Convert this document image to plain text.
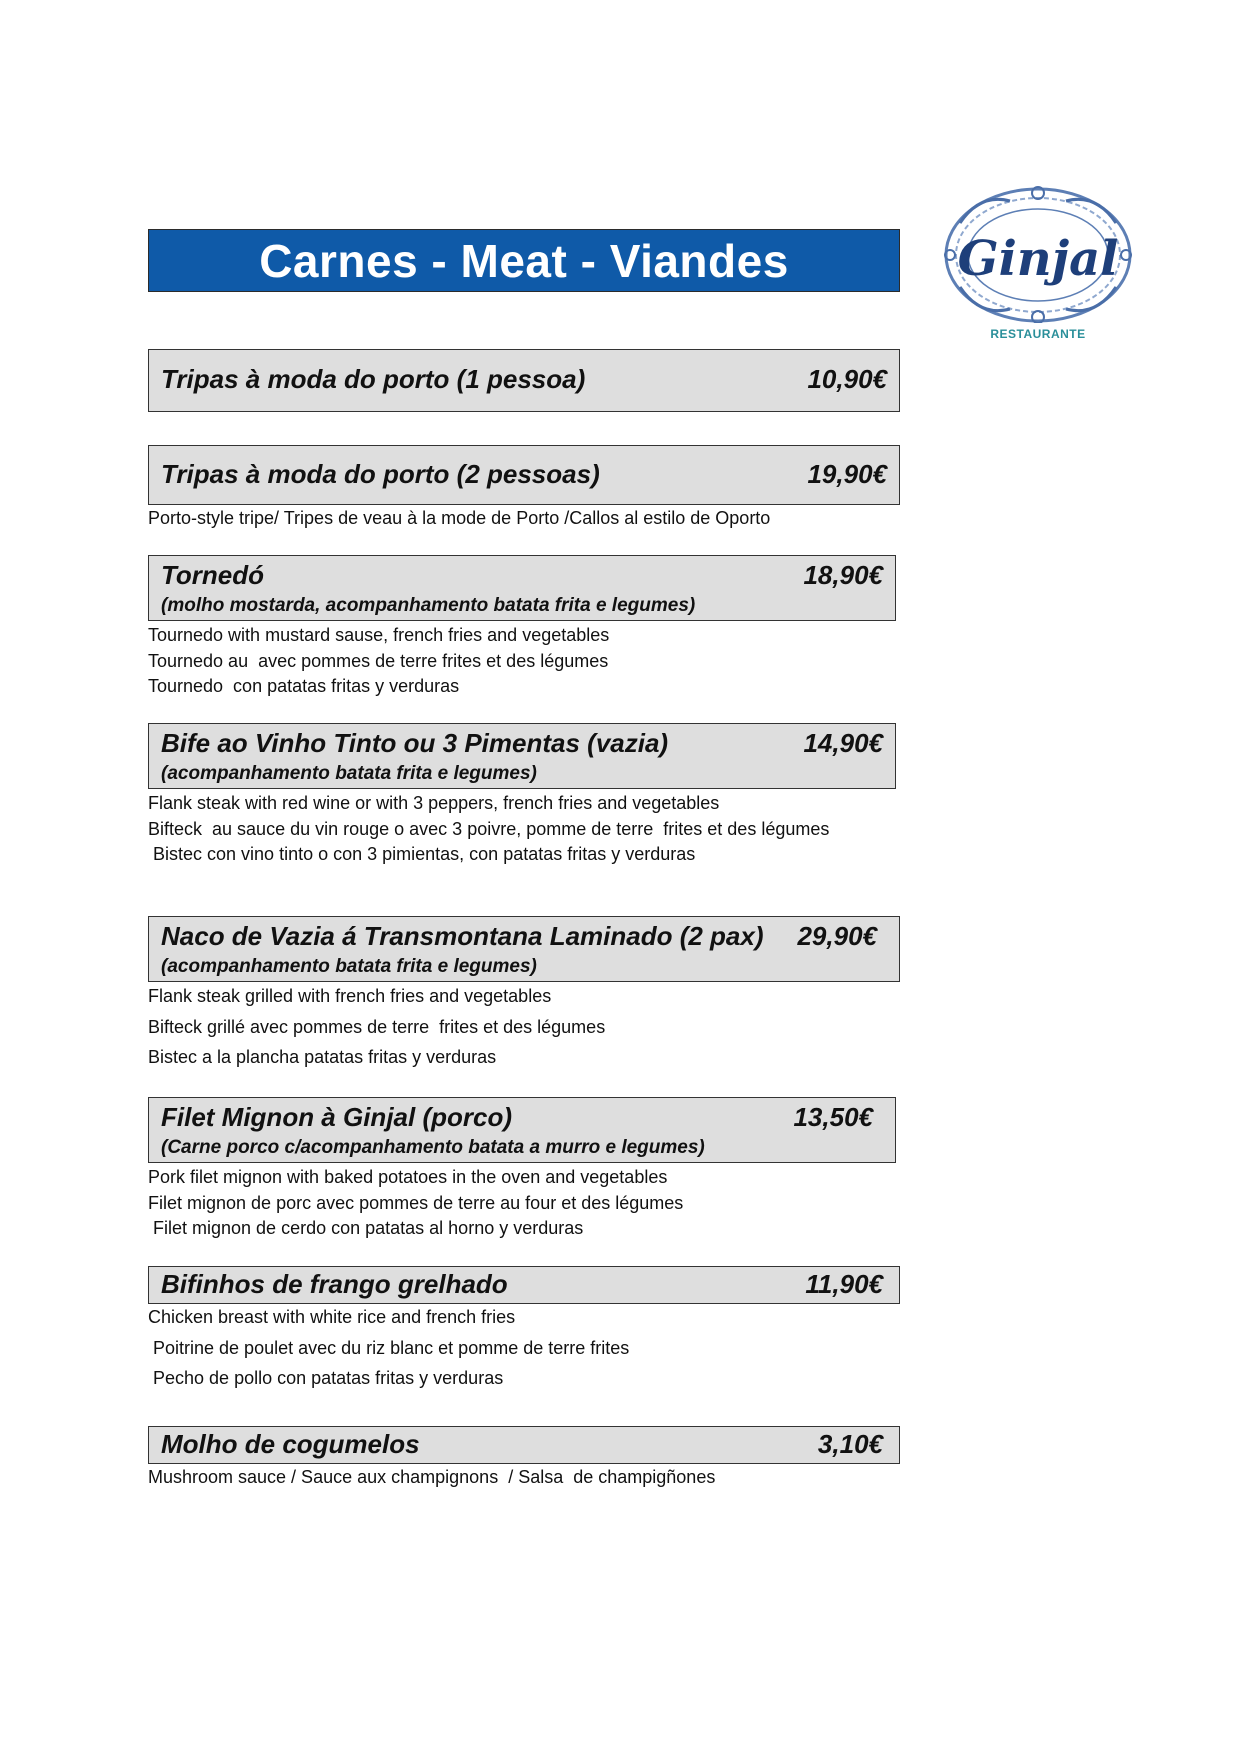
Carnes - Meat - Viandes	Ginjal
RESTAURANTE
Tripas à moda do porto (1 pessoa)	10,90€
Tripas à moda do porto (2 pessoas)	19,90€
Porto-style tripe/ Tripes de veau à la mode de Porto /Callos al estilo de Oporto
Tornedó	18,90€
(molho mostarda, acompanhamento batata frita e legumes)
Tournedo with mustard sause, french fries and vegetables
Tournedo au  avec pommes de terre frites et des légumes
Tournedo  con patatas fritas y verduras
Bife ao Vinho Tinto ou 3 Pimentas (vazia)	14,90€
(acompanhamento batata frita e legumes)
Flank steak with red wine or with 3 peppers, french fries and vegetables
Bifteck  au sauce du vin rouge o avec 3 poivre, pomme de terre  frites et des légumes
Bistec con vino tinto o con 3 pimientas, con patatas fritas y verduras
Naco de Vazia á Transmontana Laminado (2 pax) 29,90€
(acompanhamento batata frita e legumes)
Flank steak grilled with french fries and vegetables
Bifteck grillé avec pommes de terre  frites et des légumes
Bistec a la plancha patatas fritas y verduras
Filet Mignon à Ginjal (porco)	13,50€
(Carne porco c/acompanhamento batata a murro e legumes)
Pork filet mignon with baked potatoes in the oven and vegetables
Filet mignon de porc avec pommes de terre au four et des légumes
Filet mignon de cerdo con patatas al horno y verduras
Bifinhos de frango grelhado	11,90€
Chicken breast with white rice and french fries
Poitrine de poulet avec du riz blanc et pomme de terre frites
Pecho de pollo con patatas fritas y verduras
Molho de cogumelos	3,10€
Mushroom sauce / Sauce aux champignons  / Salsa  de champigñones
